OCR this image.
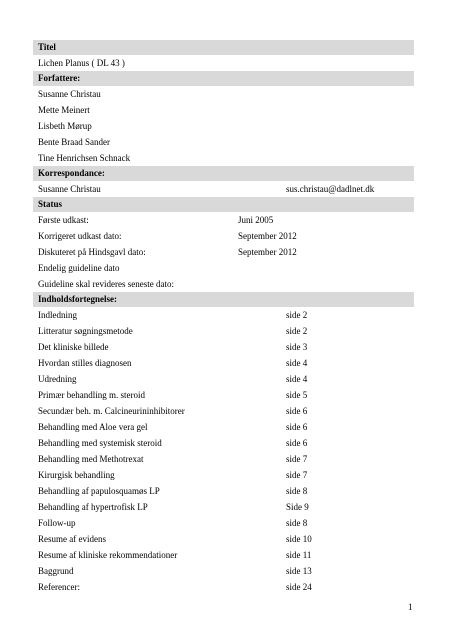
Titel
Lichen Planus ( DL 43 )
Forfattere:
Susanne Christau
Mette Meinert
Lisbeth Mørup
Bente Braad Sander
Tine Henrichsen Schnack
Korrespondance:
Susanne Christau	sus.christau@dadlnet.dk
Status
Første udkast:	Juni 2005
Korrigeret udkast dato:	September 2012
Diskuteret på Hindsgavl dato:	September 2012
Endelig guideline dato
Guideline skal revideres seneste dato:
Indholdsfortegnelse:
Indledning	side 2
Litteratur søgningsmetode	side 2
Det kliniske billede	side 3
Hvordan stilles diagnosen	side 4
Udredning	side 4
Primær behandling m. steroid	side 5
Secundær beh. m. Calcineurininhibitorer	side 6
Behandling med Aloe vera gel	side 6
Behandling med systemisk steroid	side 6
Behandling med Methotrexat	side 7
Kirurgisk behandling	side 7
Behandling af papulosquamøs LP	side 8
Behandling af hypertrofisk LP	Side 9
Follow-up	side 8
Resume af evidens	side 10
Resume af kliniske rekommendationer	side 11
Baggrund	side 13
Referencer:	side 24
1
